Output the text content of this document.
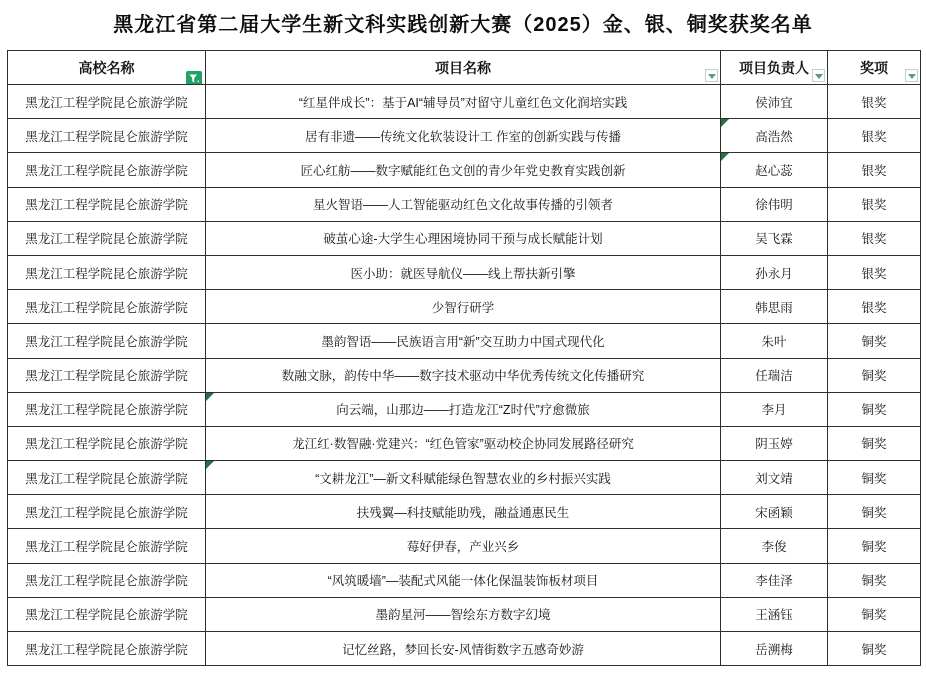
黑龙江省第二届大学生新文科实践创新大赛（2025）金、银、铜奖获奖名单
高校名称	项目名称	项目负责人	奖项

黑龙江工程学院昆仑旅游学院	“红星伴成长”：基于AI“辅导员”对留守儿童红色文化润培实践	侯沛宜	银奖
黑龙江工程学院昆仑旅游学院	居有非遗——传统文化软装设计工 作室的创新实践与传播	高浩然	银奖
黑龙江工程学院昆仑旅游学院	匠心红舫——数字赋能红色文创的青少年党史教育实践创新	赵心蕊	银奖
黑龙江工程学院昆仑旅游学院	星火智语——人工智能驱动红色文化故事传播的引领者	徐伟明	银奖
黑龙江工程学院昆仑旅游学院	破茧心途-大学生心理困境协同干预与成长赋能计划	吴飞霖	银奖
黑龙江工程学院昆仑旅游学院	医小助：就医导航仪——线上帮扶新引擎	孙永月	银奖
黑龙江工程学院昆仑旅游学院	少智行研学	韩思雨	银奖
黑龙江工程学院昆仑旅游学院	墨韵智语——民族语言用“新”交互助力中国式现代化	朱叶	铜奖
黑龙江工程学院昆仑旅游学院	数融文脉，韵传中华——数字技术驱动中华优秀传统文化传播研究	任瑞洁	铜奖
黑龙江工程学院昆仑旅游学院	向云端，山那边——打造龙江“Z时代”疗愈微旅	李月	铜奖
黑龙江工程学院昆仑旅游学院	龙江红·数智融·党建兴：“红色管家”驱动校企协同发展路径研究	阴玉婷	铜奖
黑龙江工程学院昆仑旅游学院	“文耕龙江”—新文科赋能绿色智慧农业的乡村振兴实践	刘文靖	铜奖
黑龙江工程学院昆仑旅游学院	扶残翼—科技赋能助残，融益通惠民生	宋函颖	铜奖
黑龙江工程学院昆仑旅游学院	莓好伊春，产业兴乡	李俊	铜奖
黑龙江工程学院昆仑旅游学院	“风筑暖墙”—装配式风能一体化保温装饰板材项目	李佳泽	铜奖
黑龙江工程学院昆仑旅游学院	墨韵星河——智绘东方数字幻境	王涵钰	铜奖
黑龙江工程学院昆仑旅游学院	记忆丝路，梦回长安-风情街数字五感奇妙游	岳溯梅	铜奖
